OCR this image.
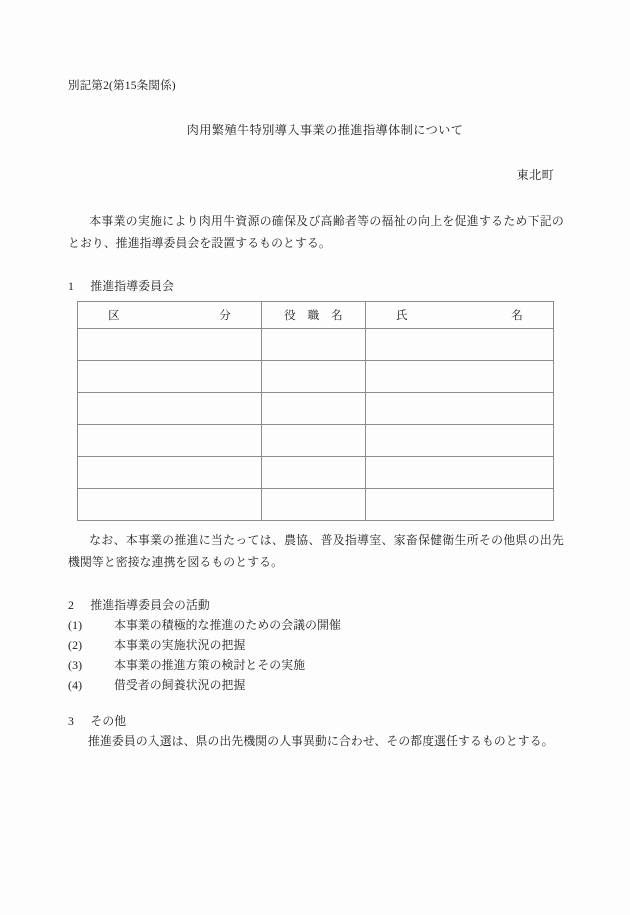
別記第2(第15条関係)

肉用繁殖牛特別導入事業の推進指導体制について

東北町

本事業の実施により肉用牛資源の確保及び高齢者等の福祉の向上を促進するため下記のとおり、推進指導委員会を設置するものとする。

1 推進指導委員会

区 分	役　職　名	氏 名

なお、本事業の推進に当たっては、農協、普及指導室、家畜保健衛生所その他県の出先機関等と密接な連携を図るものとする。

2 推進指導委員会の活動

(1)	本事業の積極的な推進のための会議の開催
(2)	本事業の実施状況の把握
(3)	本事業の推進方策の検討とその実施
(4)	借受者の飼養状況の把握

3 その他

推進委員の入選は、県の出先機関の人事異動に合わせ、その都度選任するものとする。
